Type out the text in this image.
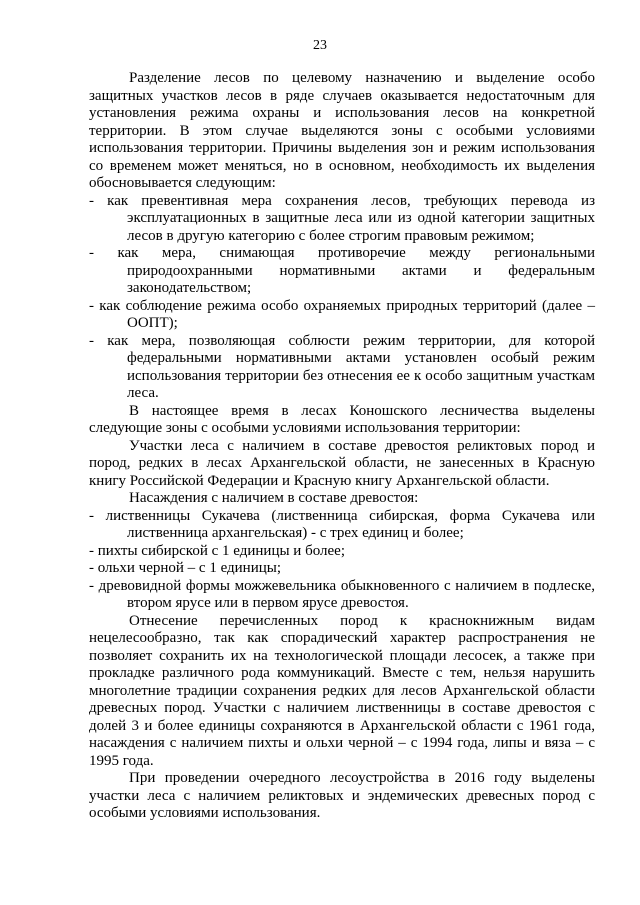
23

Разделение лесов по целевому назначению и выделение особо защитных участков лесов в ряде случаев оказывается недостаточным для установления режима охраны и использования лесов на конкретной территории. В этом случае выделяются зоны с особыми условиями использования территории. Причины выделения зон и режим использования со временем может меняться, но в основном, необходимость их выделения обосновывается следующим:

- как превентивная мера сохранения лесов, требующих перевода из эксплуатационных в защитные леса или из одной категории защитных лесов в другую категорию с более строгим правовым режимом;

- как мера, снимающая противоречие между региональными природоохранными нормативными актами и федеральным законодательством;

- как соблюдение режима особо охраняемых природных территорий (далее – ООПТ);

- как мера, позволяющая соблюсти режим территории, для которой федеральными нормативными актами установлен особый режим использования территории без отнесения ее к особо защитным участкам леса.

В настоящее время в лесах Коношского лесничества выделены следующие зоны с особыми условиями использования территории:

Участки леса с наличием в составе древостоя реликтовых пород и пород, редких в лесах Архангельской области, не занесенных в Красную книгу Российской Федерации и Красную книгу Архангельской области.

Насаждения с наличием в составе древостоя:

- лиственницы Сукачева (лиственница сибирская, форма Сукачева или лиственница архангельская) - с трех единиц и более;

- пихты сибирской с 1 единицы и более;

- ольхи черной – с 1 единицы;

- древовидной формы можжевельника обыкновенного с наличием в подлеске, втором ярусе или в первом ярусе древостоя.

Отнесение перечисленных пород к краснокнижным видам нецелесообразно, так как спорадический характер распространения не позволяет сохранить их на технологической площади лесосек, а также при прокладке различного рода коммуникаций. Вместе с тем, нельзя нарушить многолетние традиции сохранения редких для лесов Архангельской области древесных пород. Участки с наличием лиственницы в составе древостоя с долей 3 и более единицы сохраняются в Архангельской области с 1961 года, насаждения с наличием пихты и ольхи черной – с 1994 года, липы и вяза – с 1995 года.

При проведении очередного лесоустройства в 2016 году выделены участки леса с наличием реликтовых и эндемических древесных пород с особыми условиями использования.
